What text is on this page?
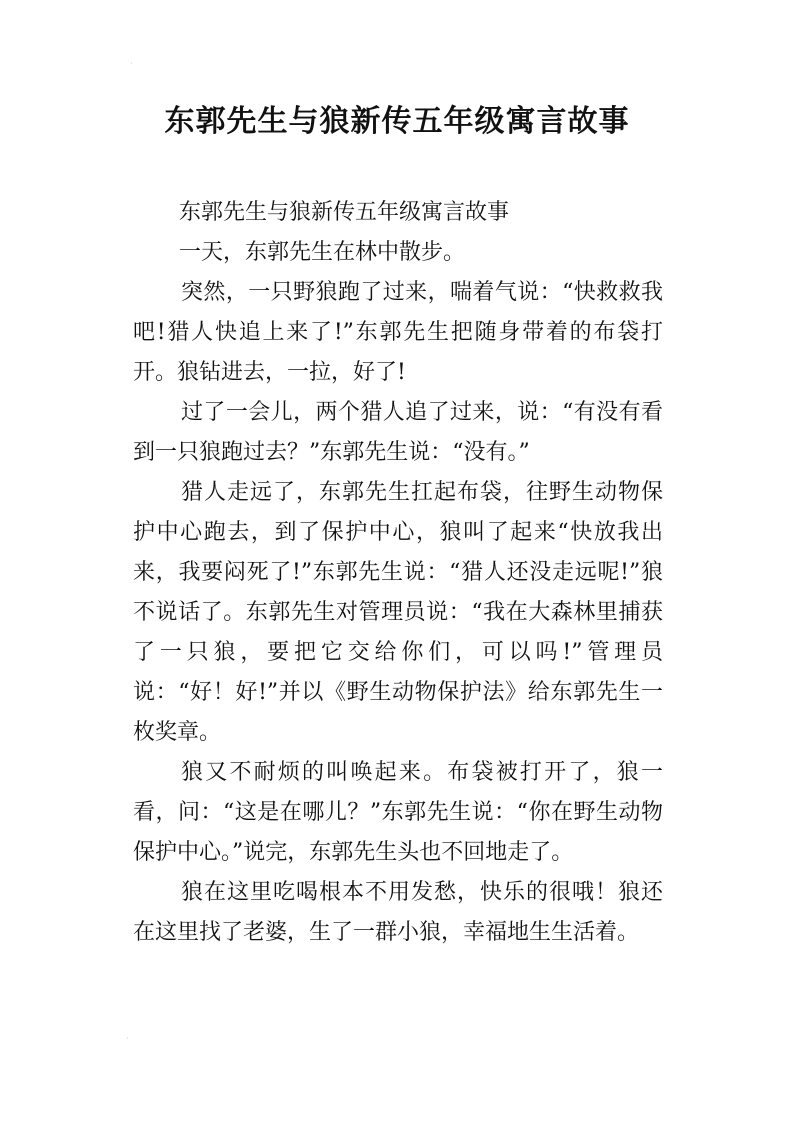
·
东郭先生与狼新传五年级寓言故事

东郭先生与狼新传五年级寓言故事

一天，东郭先生在林中散步。

突然，一只野狼跑了过来，喘着气说：“快救救我吧!猎人快追上来了!”东郭先生把随身带着的布袋打开。狼钻进去，一拉，好了!

过了一会儿，两个猎人追了过来，说：“有没有看到一只狼跑过去？”东郭先生说：“没有。”

猎人走远了，东郭先生扛起布袋，往野生动物保护中心跑去，到了保护中心，狼叫了起来“快放我出来，我要闷死了!”东郭先生说：“猎人还没走远呢!”狼不说话了。东郭先生对管理员说：“我在大森林里捕获了一只狼，要把它交给你们，可以吗!”管理员说：“好！好!”并以《野生动物保护法》给东郭先生一枚奖章。

狼又不耐烦的叫唤起来。布袋被打开了，狼一看，问：“这是在哪儿？”东郭先生说：“你在野生动物保护中心。”说完，东郭先生头也不回地走了。

狼在这里吃喝根本不用发愁，快乐的很哦！狼还在这里找了老婆，生了一群小狼，幸福地生生活着。

·
